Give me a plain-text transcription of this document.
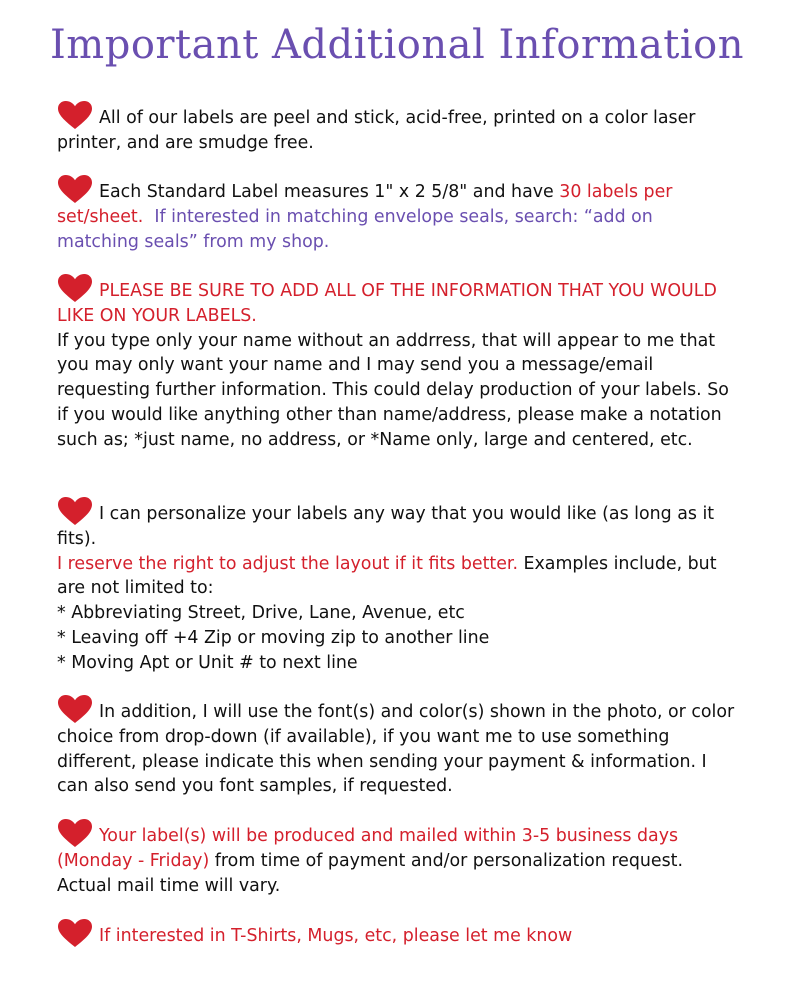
Important Additional Information
All of our labels are peel and stick, acid-free, printed on a color laser printer, and are smudge free.
Each Standard Label measures 1" x 2 5/8" and have 30 labels per set/sheet. If interested in matching envelope seals, search: “add on matching seals” from my shop.
PLEASE BE SURE TO ADD ALL OF THE INFORMATION THAT YOU WOULD LIKE ON YOUR LABELS.
If you type only your name without an addrress, that will appear to me that you may only want your name and I may send you a message/email requesting further information. This could delay production of your labels. So if you would like anything other than name/address, please make a notation such as; *just name, no address, or *Name only, large and centered, etc.
I can personalize your labels any way that you would like (as long as it fits).
I reserve the right to adjust the layout if it fits better. Examples include, but are not limited to:
* Abbreviating Street, Drive, Lane, Avenue, etc
* Leaving off +4 Zip or moving zip to another line
* Moving Apt or Unit # to next line
In addition, I will use the font(s) and color(s) shown in the photo, or color choice from drop-down (if available), if you want me to use something different, please indicate this when sending your payment & information. I can also send you font samples, if requested.
Your label(s) will be produced and mailed within 3-5 business days (Monday - Friday) from time of payment and/or personalization request. Actual mail time will vary.
If interested in T-Shirts, Mugs, etc, please let me know
